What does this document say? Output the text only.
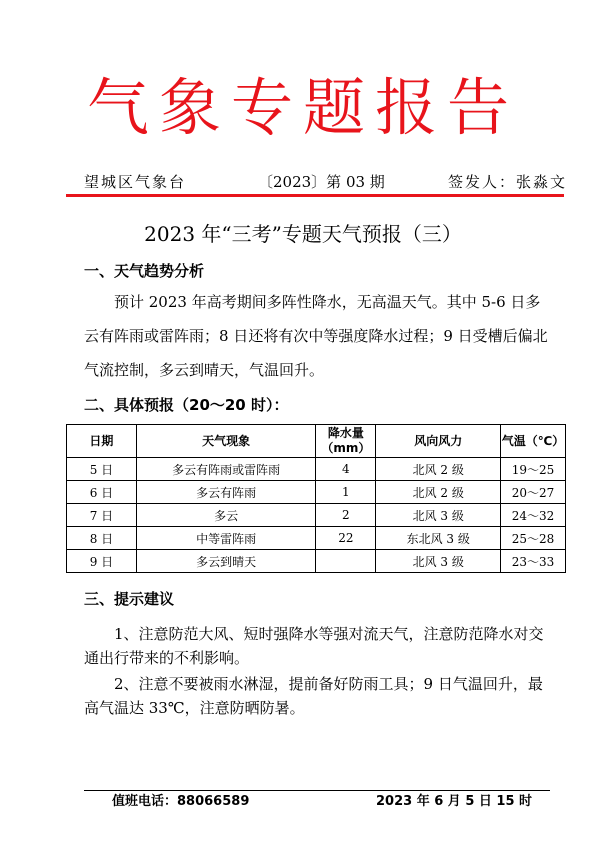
气象专题报告
望城区气象台	〔2023〕第 03 期	签发人：张淼文
2023 年“三考”专题天气预报（三）
一、天气趋势分析

预计 2023 年高考期间多阵性降水，无高温天气。其中 5-6 日多云有阵雨或雷阵雨；8 日还将有次中等强度降水过程；9 日受槽后偏北气流控制，多云到晴天，气温回升。

二、具体预报（20～20 时）：
日期	天气现象	降水量（mm）	风向风力	气温（℃）
5 日	多云有阵雨或雷阵雨	4	北风 2 级	19～25
6 日	多云有阵雨	1	北风 2 级	20～27
7 日	多云	2	北风 3 级	24～32
8 日	中等雷阵雨	22	东北风 3 级	25～28
9 日	多云到晴天		北风 3 级	23～33
三、提示建议

1、注意防范大风、短时强降水等强对流天气，注意防范降水对交通出行带来的不利影响。

2、注意不要被雨水淋湿，提前备好防雨工具；9 日气温回升，最高气温达 33℃，注意防晒防暑。

值班电话：88066589	2023 年 6 月 5 日 15 时
